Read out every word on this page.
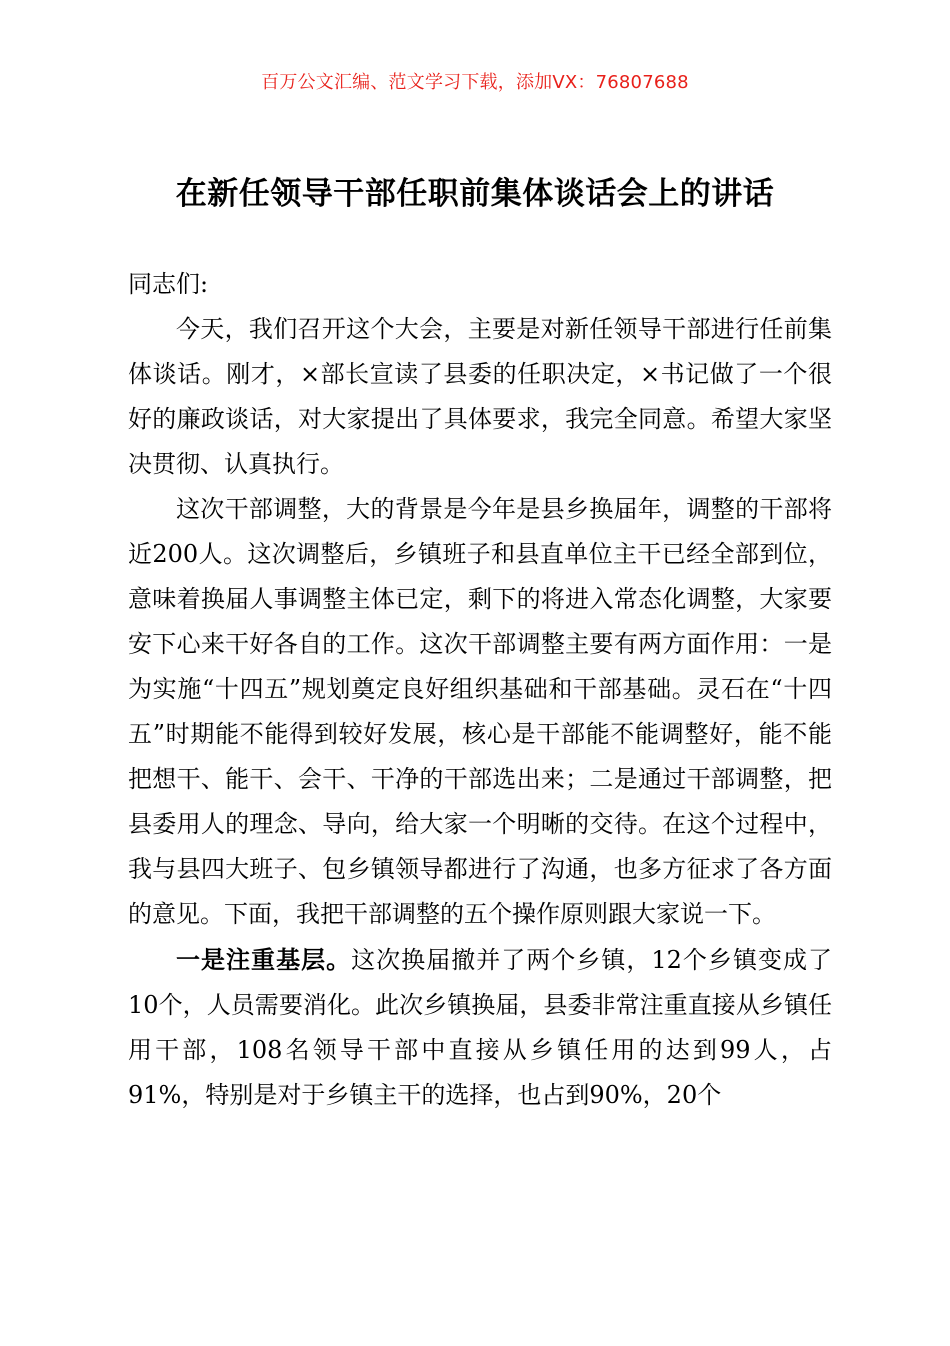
百万公文汇编、范文学习下载，添加VX：76807688
在新任领导干部任职前集体谈话会上的讲话

同志们:

今天，我们召开这个大会，主要是对新任领导干部进行任前集体谈话。刚才，×部长宣读了县委的任职决定，×书记做了一个很好的廉政谈话，对大家提出了具体要求，我完全同意。希望大家坚决贯彻、认真执行。

这次干部调整，大的背景是今年是县乡换届年，调整的干部将近200人。这次调整后，乡镇班子和县直单位主干已经全部到位，意味着换届人事调整主体已定，剩下的将进入常态化调整，大家要安下心来干好各自的工作。这次干部调整主要有两方面作用：一是为实施“十四五”规划奠定良好组织基础和干部基础。灵石在“十四五”时期能不能得到较好发展，核心是干部能不能调整好，能不能把想干、能干、会干、干净的干部选出来；二是通过干部调整，把县委用人的理念、导向，给大家一个明晰的交待。在这个过程中，我与县四大班子、包乡镇领导都进行了沟通，也多方征求了各方面的意见。下面，我把干部调整的五个操作原则跟大家说一下。

一是注重基层。这次换届撤并了两个乡镇，12个乡镇变成了10个，人员需要消化。此次乡镇换届，县委非常注重直接从乡镇任用干部，108名领导干部中直接从乡镇任用的达到99人，占91%，特别是对于乡镇主干的选择，也占到90%，20个
